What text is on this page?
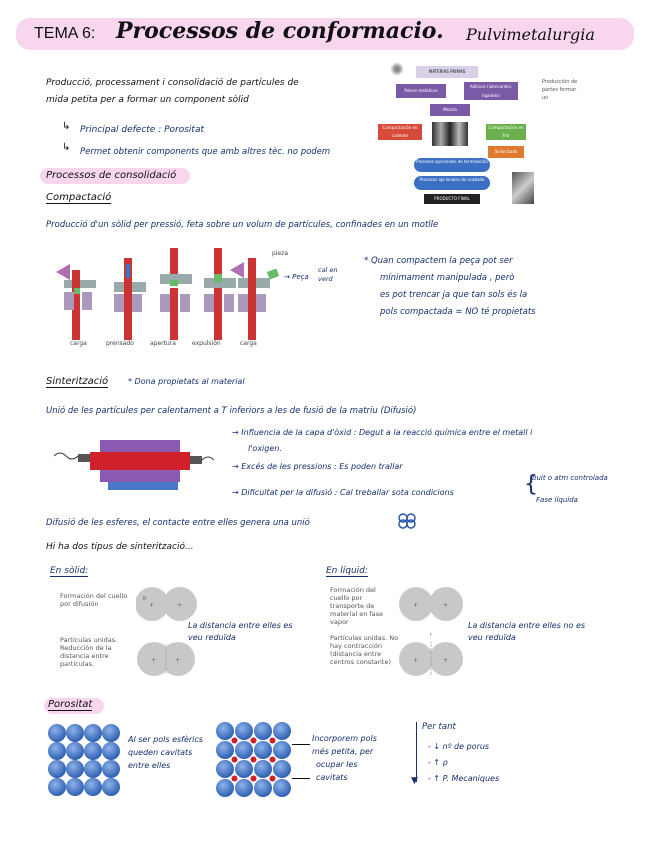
TEMA 6: Processos de conformacio. Pulvimetalurgia
Producció, processament i consolidació de partícules de
mida petita per a formar un component sòlid
↳ Principal defecte : Porositat
↳ Permet obtenir components que amb altres tèc. no podem
MATERIAS PRIMAS
Polvos metálicos
Aditivos (lubricantes, ligantes)
Mezcla
Compactación en caliente
Compactación en frío
Sinterizado
Procesos opcionales de terminación
Procesos opcionales de acabado
PRODUCTO FINAL
Producción de partes formar un
Processos de consolidació
Compactació
Producció d'un sòlid per pressió, feta sobre un volum de partícules, confinades en un motlle
carga	prensado	apertura	expulsión	carga
pieza
→ Peça
cal en verd
* Quan compactem la peça pot ser
mínimament manipulada , però
es pot trencar ja que tan sols és la
pols compactada = NO té propietats
Sinterització * Dona propietats al material
Unió de les partícules per calentament a T inferiors a les de fusió de la matriu (Difusió)
→ Influencia de la capa d'òxid : Degut a la reacció química entre el metall i
l'oxigen.
→ Excés de les pressions : Es poden trallar
→ Dificultat per la difusió : Cal treballar sota condicions
buit o atm controlada
Fase líquida
{
Difusió de les esferes, el contacte entre elles genera una unió
Hi ha dos tipus de sinterització...
En sòlid:
Formación del cuello por difusión
Partículas unidas. Reducción de la distancia entre partículas.
R
+	+
+	+
La distancia entre elles es veu reduïda
En líquid:
Formación del cuello por transporte de material en fase vapor
Partículas unidas. No hay contracción (distancia entre centros constante)
+	+
r
+	+
La distancia entre elles no es veu reduïda
Porositat
Al ser pols esfèrics
queden cavitats
entre elles
Incorporem pols
més petita, per
ocupar les
cavitats	▼
Per tant
- ↓ nº de porus
- ↑ ρ
- ↑ P. Mecaniques
